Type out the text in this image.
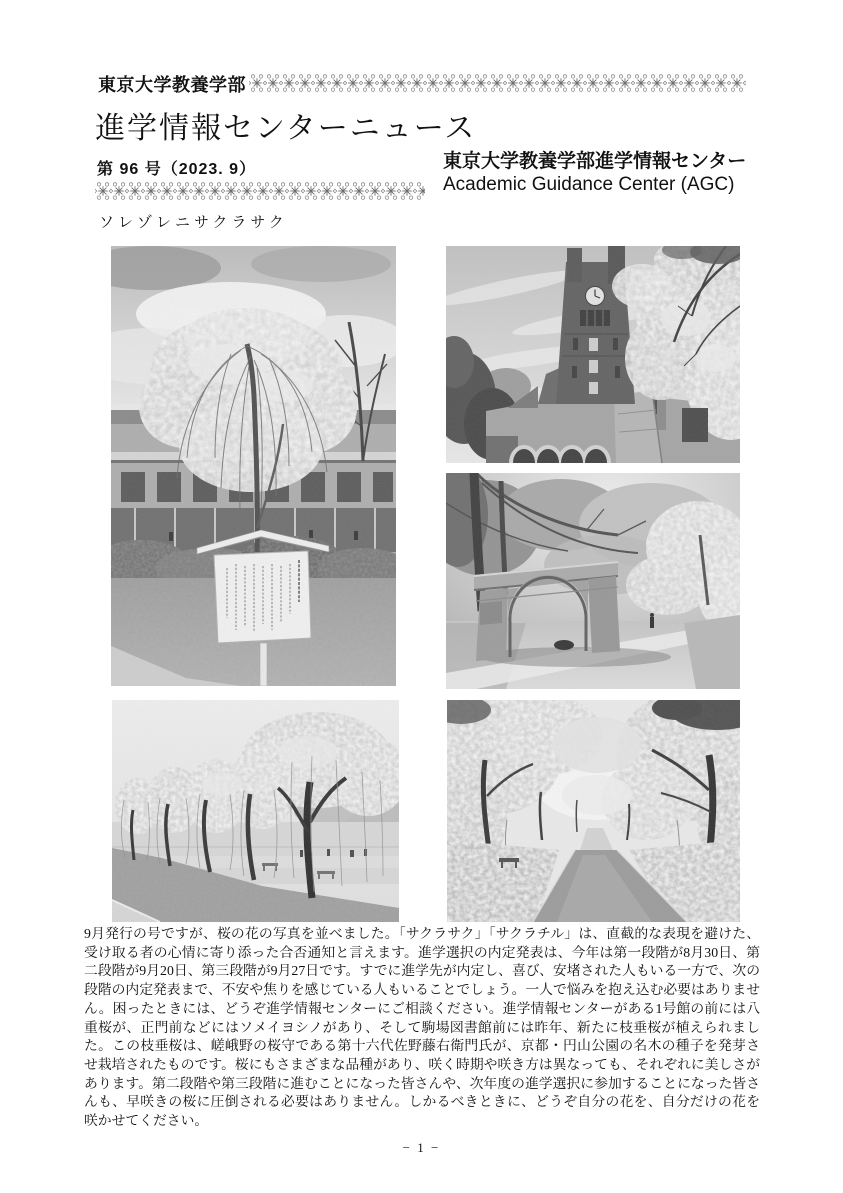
東京大学教養学部
進学情報センターニュース
第 96 号（2023. 9）	東京大学教養学部進学情報センター
Academic Guidance Center (AGC)
ソレゾレニサクラサク

9月発行の号ですが、桜の花の写真を並べました。「サクラサク」「サクラチル」は、直截的な表現を避けた、受け取る者の心情に寄り添った合否通知と言えます。進学選択の内定発表は、今年は第一段階が8月30日、第二段階が9月20日、第三段階が9月27日です。すでに進学先が内定し、喜び、安堵された人もいる一方で、次の段階の内定発表まで、不安や焦りを感じている人もいることでしょう。一人で悩みを抱え込む必要はありません。困ったときには、どうぞ進学情報センターにご相談ください。進学情報センターがある1号館の前には八重桜が、正門前などにはソメイヨシノがあり、そして駒場図書館前には昨年、新たに枝垂桜が植えられました。この枝垂桜は、嵯峨野の桜守である第十六代佐野藤右衛門氏が、京都・円山公園の名木の種子を発芽させ栽培されたものです。桜にもさまざまな品種があり、咲く時期や咲き方は異なっても、それぞれに美しさがあります。第二段階や第三段階に進むことになった皆さんや、次年度の進学選択に参加することになった皆さんも、早咲きの桜に圧倒される必要はありません。しかるべきときに、どうぞ自分の花を、自分だけの花を咲かせてください。

− 1 −
